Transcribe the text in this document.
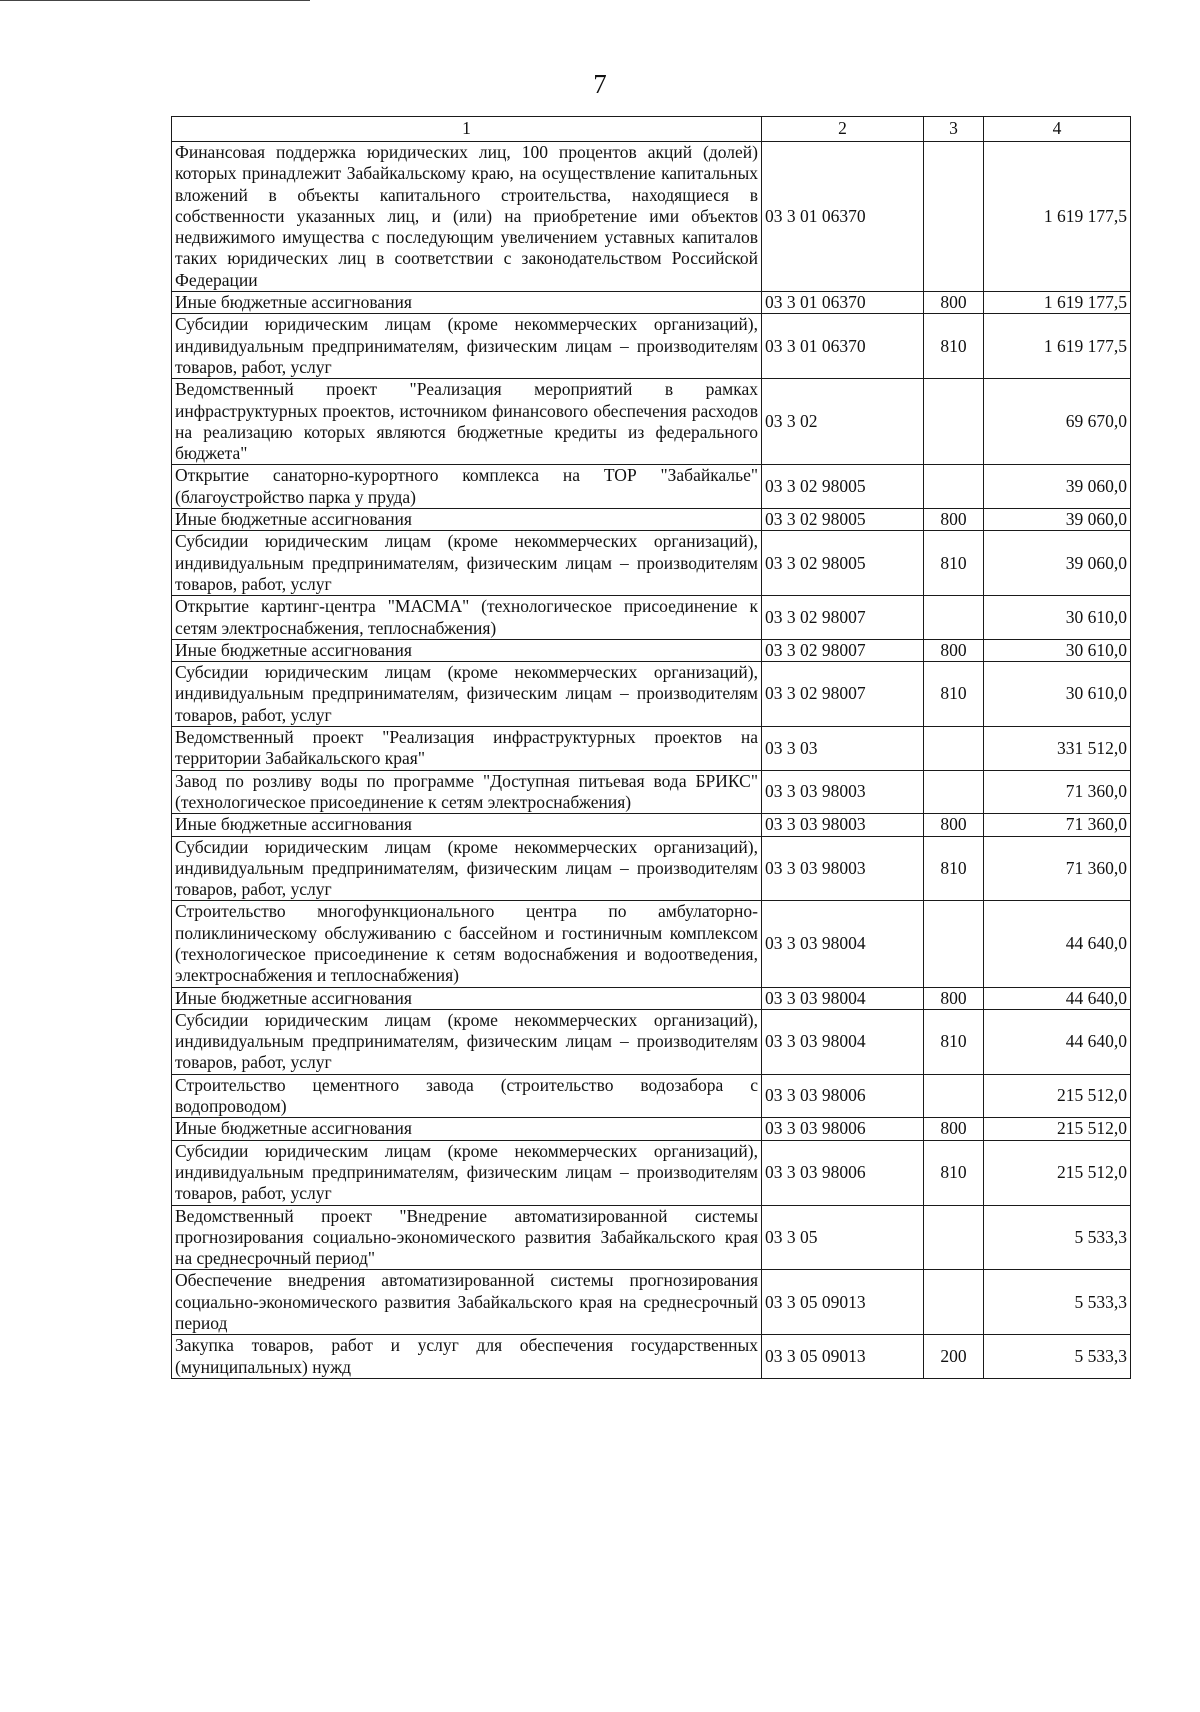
7
1	2	3	4
Финансовая поддержка юридических лиц, 100 процентов акций (долей) которых принадлежит Забайкальскому краю, на осуществление капитальных вложений в объекты капитального строительства, находящиеся в собственности указанных лиц, и (или) на приобретение ими объектов недвижимого имущества с последующим увеличением уставных капиталов таких юридических лиц в соответствии с законодательством Российской Федерации	03 3 01 06370		1 619 177,5
Иные бюджетные ассигнования	03 3 01 06370	800	1 619 177,5
Субсидии юридическим лицам (кроме некоммерческих организаций), индивидуальным предпринимателям, физическим лицам – производителям товаров, работ, услуг	03 3 01 06370	810	1 619 177,5
Ведомственный проект "Реализация мероприятий в рамках инфраструктурных проектов, источником финансового обеспечения расходов на реализацию которых являются бюджетные кредиты из федерального бюджета"	03 3 02		69 670,0
Открытие санаторно-курортного комплекса на ТОР "Забайкалье" (благоустройство парка у пруда)	03 3 02 98005		39 060,0
Иные бюджетные ассигнования	03 3 02 98005	800	39 060,0
Субсидии юридическим лицам (кроме некоммерческих организаций), индивидуальным предпринимателям, физическим лицам – производителям товаров, работ, услуг	03 3 02 98005	810	39 060,0
Открытие картинг-центра "МАСМА" (технологическое присоединение к сетям электроснабжения, теплоснабжения)	03 3 02 98007		30 610,0
Иные бюджетные ассигнования	03 3 02 98007	800	30 610,0
Субсидии юридическим лицам (кроме некоммерческих организаций), индивидуальным предпринимателям, физическим лицам – производителям товаров, работ, услуг	03 3 02 98007	810	30 610,0
Ведомственный проект "Реализация инфраструктурных проектов на территории Забайкальского края"	03 3 03		331 512,0
Завод по розливу воды по программе "Доступная питьевая вода БРИКС" (технологическое присоединение к сетям электроснабжения)	03 3 03 98003		71 360,0
Иные бюджетные ассигнования	03 3 03 98003	800	71 360,0
Субсидии юридическим лицам (кроме некоммерческих организаций), индивидуальным предпринимателям, физическим лицам – производителям товаров, работ, услуг	03 3 03 98003	810	71 360,0
Строительство многофункционального центра по амбулаторно-поликлиническому обслуживанию с бассейном и гостиничным комплексом (технологическое присоединение к сетям водоснабжения и водоотведения, электроснабжения и теплоснабжения)	03 3 03 98004		44 640,0
Иные бюджетные ассигнования	03 3 03 98004	800	44 640,0
Субсидии юридическим лицам (кроме некоммерческих организаций), индивидуальным предпринимателям, физическим лицам – производителям товаров, работ, услуг	03 3 03 98004	810	44 640,0
Строительство цементного завода (строительство водозабора с водопроводом)	03 3 03 98006		215 512,0
Иные бюджетные ассигнования	03 3 03 98006	800	215 512,0
Субсидии юридическим лицам (кроме некоммерческих организаций), индивидуальным предпринимателям, физическим лицам – производителям товаров, работ, услуг	03 3 03 98006	810	215 512,0
Ведомственный проект "Внедрение автоматизированной системы прогнозирования социально-экономического развития Забайкальского края на среднесрочный период"	03 3 05		5 533,3
Обеспечение внедрения автоматизированной системы прогнозирования социально-экономического развития Забайкальского края на среднесрочный период	03 3 05 09013		5 533,3
Закупка товаров, работ и услуг для обеспечения государственных (муниципальных) нужд	03 3 05 09013	200	5 533,3
